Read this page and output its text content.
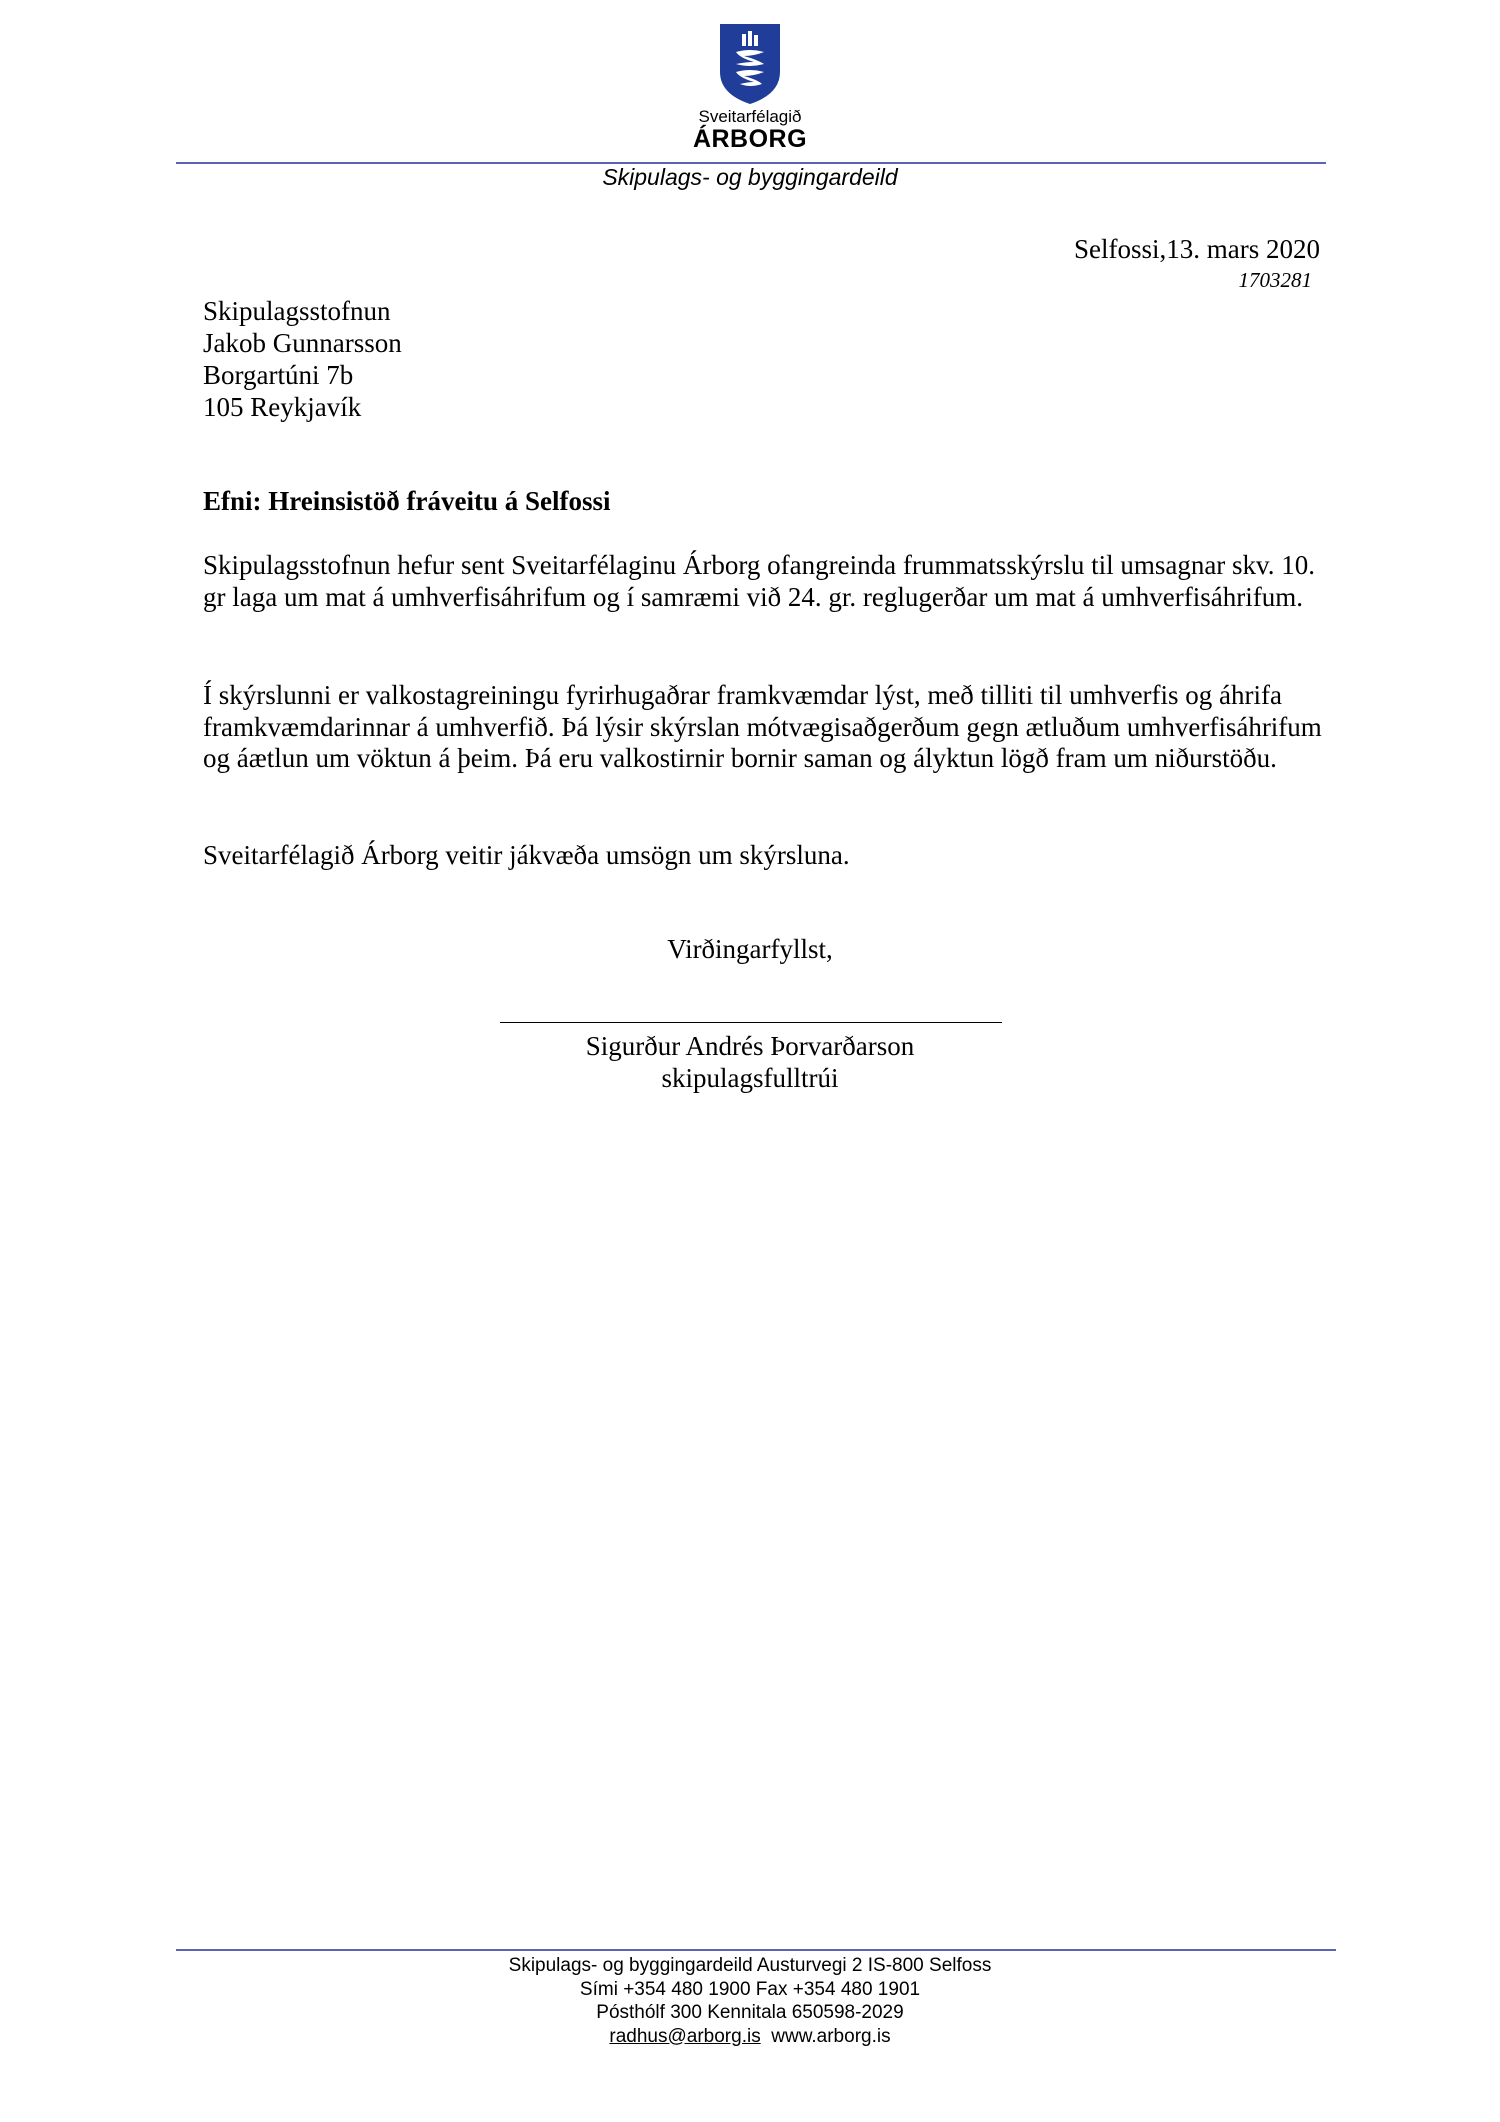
Sveitarfélagið
ÁRBORG
Skipulags- og byggingardeild
Selfossi,13. mars 2020
1703281
Skipulagsstofnun
Jakob Gunnarsson
Borgartúni 7b
105 Reykjavík
Efni: Hreinsistöð fráveitu á Selfossi
Skipulagsstofnun hefur sent Sveitarfélaginu Árborg ofangreinda frummatsskýrslu til umsagnar skv. 10. gr laga um mat á umhverfisáhrifum og í samræmi við 24. gr. reglugerðar um mat á umhverfisáhrifum.
Í skýrslunni er valkostagreiningu fyrirhugaðrar framkvæmdar lýst, með tilliti til umhverfis og áhrifa framkvæmdarinnar á umhverfið. Þá lýsir skýrslan mótvægisaðgerðum gegn ætluðum umhverfisáhrifum og áætlun um vöktun á þeim. Þá eru valkostirnir bornir saman og ályktun lögð fram um niðurstöðu.
Sveitarfélagið Árborg veitir jákvæða umsögn um skýrsluna.
Virðingarfyllst,
Sigurður Andrés Þorvarðarson
skipulagsfulltrúi
Skipulags- og byggingardeild Austurvegi 2 IS-800 Selfoss
Sími +354 480 1900 Fax +354 480 1901
Pósthólf 300 Kennitala 650598-2029
radhus@arborg.is www.arborg.is
